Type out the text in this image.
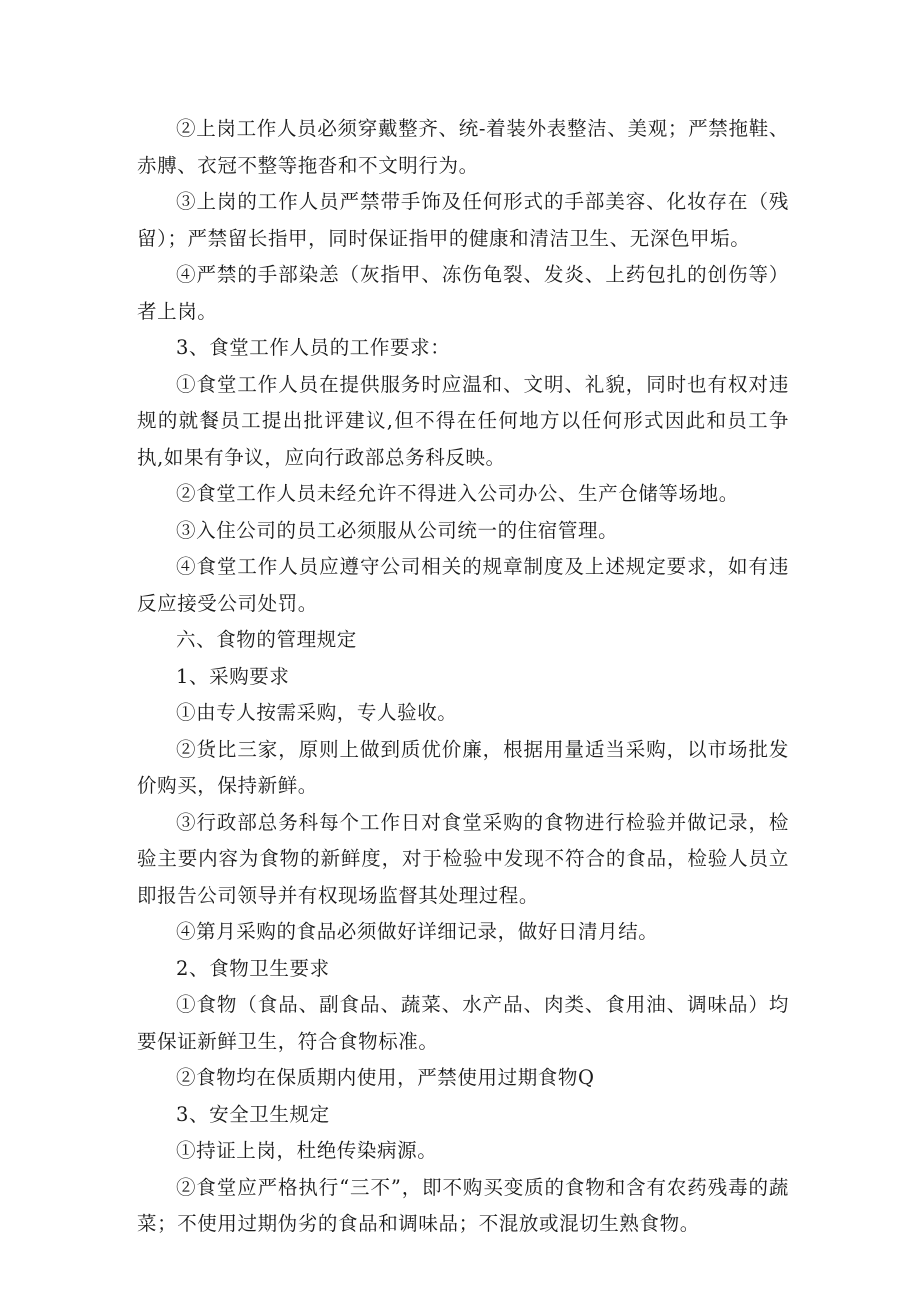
②上岗工作人员必须穿戴整齐、统-着装外表整洁、美观；严禁拖鞋、赤膊、衣冠不整等拖沓和不文明行为。

③上岗的工作人员严禁带手饰及任何形式的手部美容、化妆存在（残留）；严禁留长指甲，同时保证指甲的健康和清洁卫生、无深色甲垢。

④严禁的手部染恙（灰指甲、冻伤龟裂、发炎、上药包扎的创伤等）者上岗。

3、食堂工作人员的工作要求：

①食堂工作人员在提供服务时应温和、文明、礼貌，同时也有权对违规的就餐员工提出批评建议,但不得在任何地方以任何形式因此和员工争执,如果有争议，应向行政部总务科反映。

②食堂工作人员未经允许不得进入公司办公、生产仓储等场地。

③入住公司的员工必须服从公司统一的住宿管理。

④食堂工作人员应遵守公司相关的规章制度及上述规定要求，如有违反应接受公司处罚。

六、食物的管理规定

1、采购要求

①由专人按需采购，专人验收。

②货比三家，原则上做到质优价廉，根据用量适当采购，以市场批发价购买，保持新鲜。

③行政部总务科每个工作日对食堂采购的食物进行检验并做记录，检验主要内容为食物的新鲜度，对于检验中发现不符合的食品，检验人员立即报告公司领导并有权现场监督其处理过程。

④第月采购的食品必须做好详细记录，做好日清月结。

2、食物卫生要求

①食物（食品、副食品、蔬菜、水产品、肉类、食用油、调味品）均要保证新鲜卫生，符合食物标准。

②食物均在保质期内使用，严禁使用过期食物Q

3、安全卫生规定

①持证上岗，杜绝传染病源。

②食堂应严格执行“三不”，即不购买变质的食物和含有农药残毒的蔬菜；不使用过期伪劣的食品和调味品；不混放或混切生熟食物。
